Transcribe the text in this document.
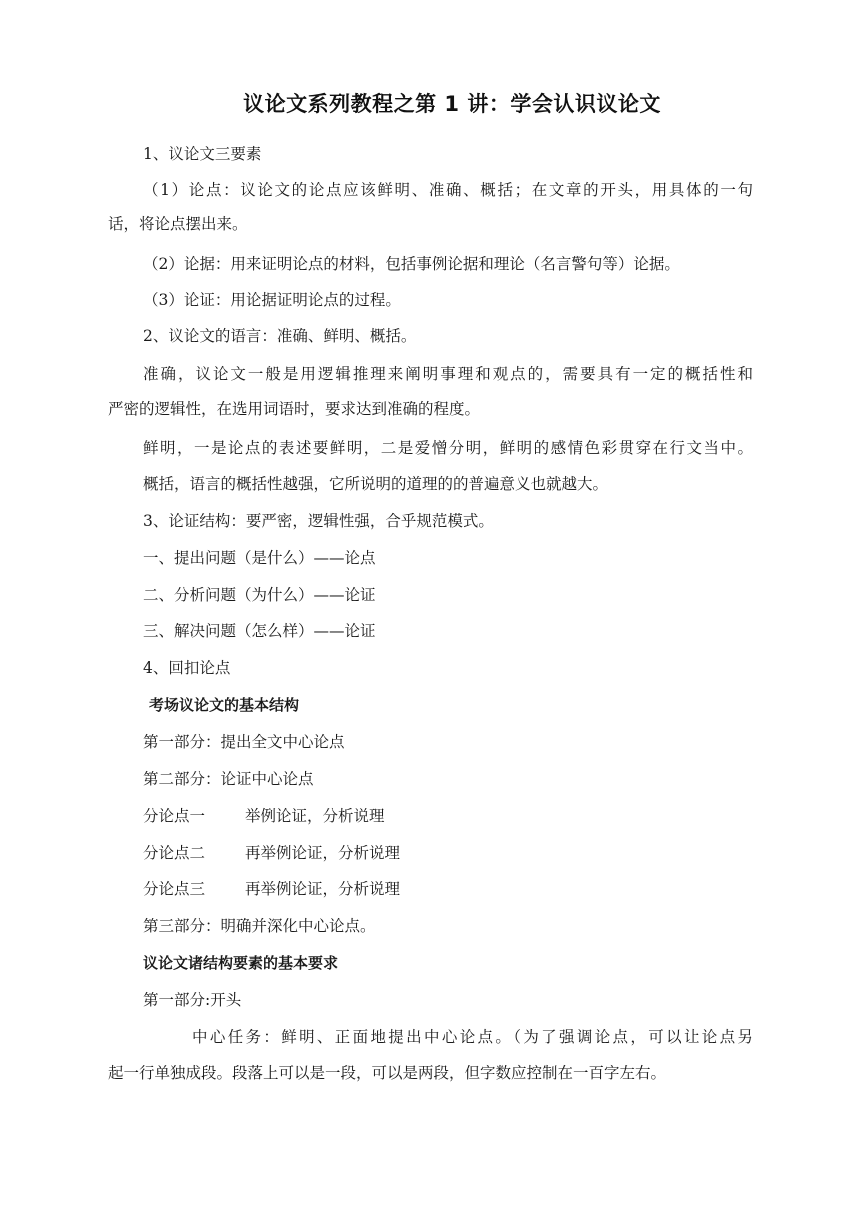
议论文系列教程之第 1 讲：学会认识议论文
1、议论文三要素
（1）论点：议论文的论点应该鲜明、准确、概括；在文章的开头，用具体的一句
话，将论点摆出来。
（2）论据：用来证明论点的材料，包括事例论据和理论（名言警句等）论据。
（3）论证：用论据证明论点的过程。
2、议论文的语言：准确、鲜明、概括。
准确，议论文一般是用逻辑推理来阐明事理和观点的，需要具有一定的概括性和
严密的逻辑性，在选用词语时，要求达到准确的程度。
鲜明，一是论点的表述要鲜明，二是爱憎分明，鲜明的感情色彩贯穿在行文当中。
概括，语言的概括性越强，它所说明的道理的的普遍意义也就越大。
3、论证结构：要严密，逻辑性强，合乎规范模式。
一、提出问题（是什么）——论点
二、分析问题（为什么）——论证
三、解决问题（怎么样）——论证
4、回扣论点
考场议论文的基本结构
第一部分：提出全文中心论点
第二部分：论证中心论点
分论点一	举例论证，分析说理
分论点二	再举例论证，分析说理
分论点三	再举例论证，分析说理
第三部分：明确并深化中心论点。
议论文诸结构要素的基本要求
第一部分:开头
中心任务：鲜明、正面地提出中心论点。（为了强调论点，可以让论点另
起一行单独成段。段落上可以是一段，可以是两段，但字数应控制在一百字左右。
